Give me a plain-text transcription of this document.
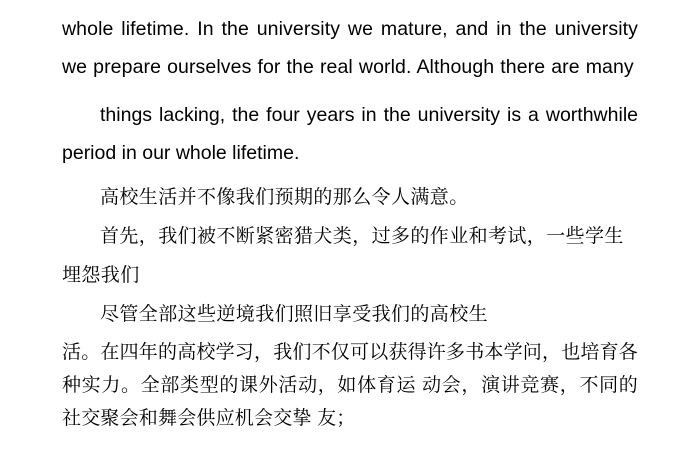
whole lifetime. In the university we mature, and in the university we prepare ourselves for the real world. Although there are many

things lacking, the four years in the university is a worthwhile period in our whole lifetime.

高校生活并不像我们预期的那么令人满意。

首先，我们被不断紧密猎犬类，过多的作业和考试，一些学生埋怨我们

尽管全部这些逆境我们照旧享受我们的高校生

活。在四年的高校学习，我们不仅可以获得许多书本学问，也培育各种实力。全部类型的课外活动，如体育运 动会，演讲竞赛，不同的社交聚会和舞会供应机会交挚 友；
